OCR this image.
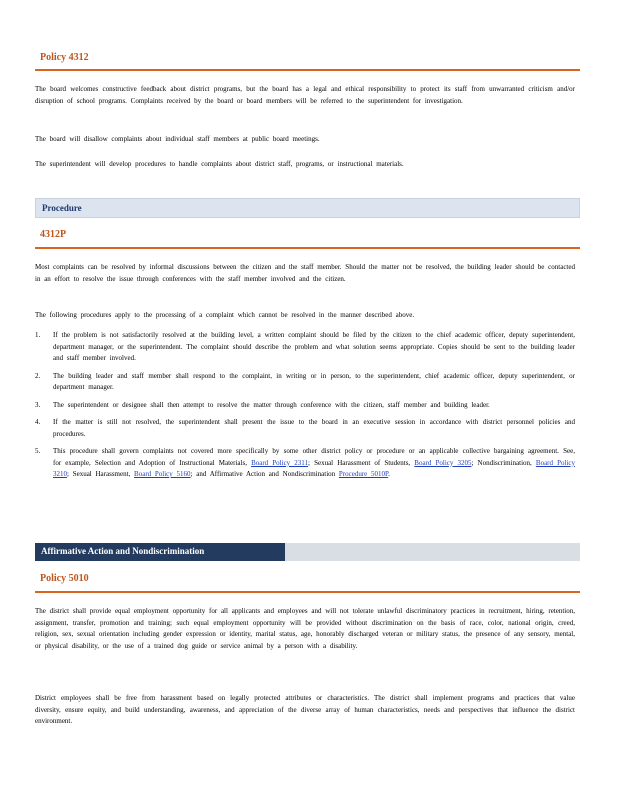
Policy 4312
The board welcomes constructive feedback about district programs, but the board has a legal and ethical responsibility to protect its staff from unwarranted criticism and/or disruption of school programs. Complaints received by the board or board members will be referred to the superintendent for investigation.
The board will disallow complaints about individual staff members at public board meetings.
The superintendent will develop procedures to handle complaints about district staff, programs, or instructional materials.
Procedure
4312P
Most complaints can be resolved by informal discussions between the citizen and the staff member. Should the matter not be resolved, the building leader should be contacted in an effort to resolve the issue through conferences with the staff member involved and the citizen.
The following procedures apply to the processing of a complaint which cannot be resolved in the manner described above.
1. If the problem is not satisfactorily resolved at the building level, a written complaint should be filed by the citizen to the chief academic officer, deputy superintendent, department manager, or the superintendent. The complaint should describe the problem and what solution seems appropriate. Copies should be sent to the building leader and staff member involved.
2. The building leader and staff member shall respond to the complaint, in writing or in person, to the superintendent, chief academic officer, deputy superintendent, or department manager.
3. The superintendent or designee shall then attempt to resolve the matter through conference with the citizen, staff member and building leader.
4. If the matter is still not resolved, the superintendent shall present the issue to the board in an executive session in accordance with district personnel policies and procedures.
5. This procedure shall govern complaints not covered more specifically by some other district policy or procedure or an applicable collective bargaining agreement. See, for example, Selection and Adoption of Instructional Materials, Board Policy 2311; Sexual Harassment of Students, Board Policy 3205; Nondiscrimination, Board Policy 3210; Sexual Harassment, Board Policy 5160; and Affirmative Action and Nondiscrimination Procedure 5010P.
Affirmative Action and Nondiscrimination
Policy 5010
The district shall provide equal employment opportunity for all applicants and employees and will not tolerate unlawful discriminatory practices in recruitment, hiring, retention, assignment, transfer, promotion and training; such equal employment opportunity will be provided without discrimination on the basis of race, color, national origin, creed, religion, sex, sexual orientation including gender expression or identity, marital status, age, honorably discharged veteran or military status, the presence of any sensory, mental, or physical disability, or the use of a trained dog guide or service animal by a person with a disability.
District employees shall be free from harassment based on legally protected attributes or characteristics. The district shall implement programs and practices that value diversity, ensure equity, and build understanding, awareness, and appreciation of the diverse array of human characteristics, needs and perspectives that influence the district environment.
